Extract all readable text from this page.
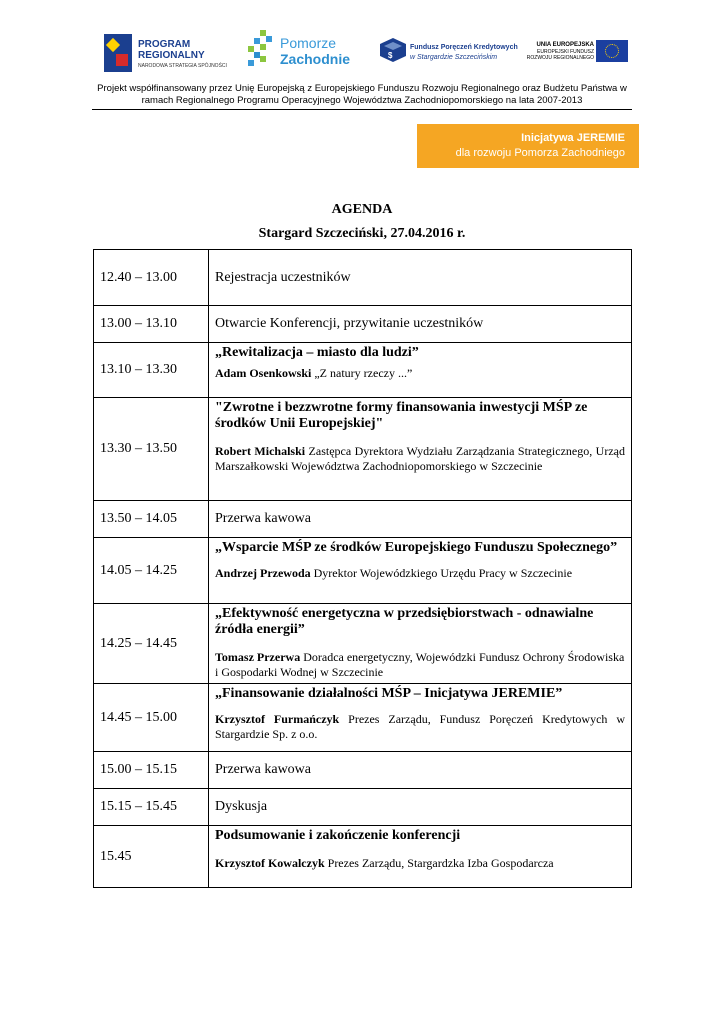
PROGRAM
REGIONALNY
NARODOWA STRATEGIA SPÓJNOŚCI
Pomorze
Zachodnie	$
Fundusz Poręczeń Kredytowych
w Stargardzie Szczecińskim
UNIA EUROPEJSKA
EUROPEJSKI FUNDUSZ
ROZWOJU REGIONALNEGO
Projekt współfinansowany przez Unię Europejską z Europejskiego Funduszu Rozwoju Regionalnego oraz Budżetu Państwa w
ramach Regionalnego Programu Operacyjnego Województwa Zachodniopomorskiego na lata 2007-2013
Inicjatywa JEREMIE
dla rozwoju Pomorza Zachodniego
AGENDA
Stargard Szczeciński, 27.04.2016 r.
12.40 – 13.00	Rejestracja uczestników
13.00 – 13.10	Otwarcie Konferencji, przywitanie uczestników
13.10 – 13.30	„Rewitalizacja – miasto dla ludzi”
Adam Osenkowski „Z natury rzeczy ...”

13.30 – 13.50	"Zwrotne i bezzwrotne formy finansowania inwestycji MŚP ze środków Unii Europejskiej"
Robert Michalski Zastępca Dyrektora Wydziału Zarządzania Strategicznego, Urząd Marszałkowski Województwa Zachodniopomorskiego w Szczecinie

13.50 – 14.05	Przerwa kawowa
14.05 – 14.25	„Wsparcie MŚP ze środków Europejskiego Funduszu Społecznego”
Andrzej Przewoda Dyrektor Wojewódzkiego Urzędu Pracy w Szczecinie

14.25 – 14.45	„Efektywność energetyczna w przedsiębiorstwach - odnawialne źródła energii”
Tomasz Przerwa Doradca energetyczny, Wojewódzki Fundusz Ochrony Środowiska i Gospodarki Wodnej w Szczecinie

14.45 – 15.00	„Finansowanie działalności MŚP – Inicjatywa JEREMIE”
Krzysztof Furmańczyk Prezes Zarządu, Fundusz Poręczeń Kredytowych w Stargardzie Sp. z o.o.

15.00 – 15.15	Przerwa kawowa
15.15 – 15.45	Dyskusja
15.45	Podsumowanie i zakończenie konferencji
Krzysztof Kowalczyk Prezes Zarządu, Stargardzka Izba Gospodarcza
